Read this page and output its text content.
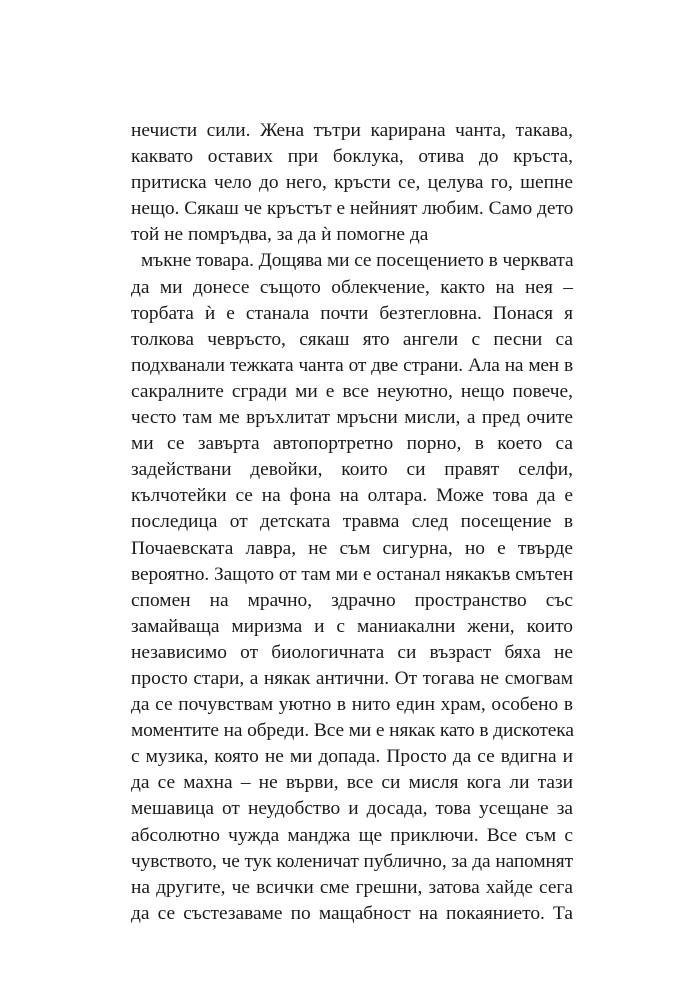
нечисти сили. Жена тътри карирана чанта, такава,
каквато оставих при боклука, отива до кръста,
притиска чело до него, кръсти се, целува го, шепне
нещо. Сякаш че кръстът е нейният любим. Само дето
той не помръдва, за да ѝ помогне да
мъкне товара. Дощява ми се посещението в черквата
да ми донесе същото облекчение, както на нея –
торбата ѝ е станала почти безтегловна. Понася я
толкова чевръсто, сякаш ято ангели с песни са
подхванали тежката чанта от две страни. Ала на мен в
сакралните сгради ми е все неуютно, нещо повече,
често там ме връхлитат мръсни мисли, а пред очите
ми се завърта автопортретно порно, в което са
задействани девойки, които си правят селфи,
кълчотейки се на фона на олтара. Може това да е
последица от детската травма след посещение в
Почаевската лавра, не съм сигурна, но е твърде
вероятно. Защото от там ми е останал някакъв смътен
спомен на мрачно, здрачно пространство със
замайваща миризма и с маниакални жени, които
независимо от биологичната си възраст бяха не
просто стари, а някак антични. От тогава не смогвам
да се почувствам уютно в нито един храм, особено в
моментите на обреди. Все ми е някак като в дискотека
с музика, която не ми допада. Просто да се вдигна и
да се махна – не върви, все си мисля кога ли тази
мешавица от неудобство и досада, това усещане за
абсолютно чужда манджа ще приключи. Все съм с
чувството, че тук коленичат публично, за да напомнят
на другите, че всички сме грешни, затова хайде сега
да се състезаваме по мащабност на покаянието. Та
